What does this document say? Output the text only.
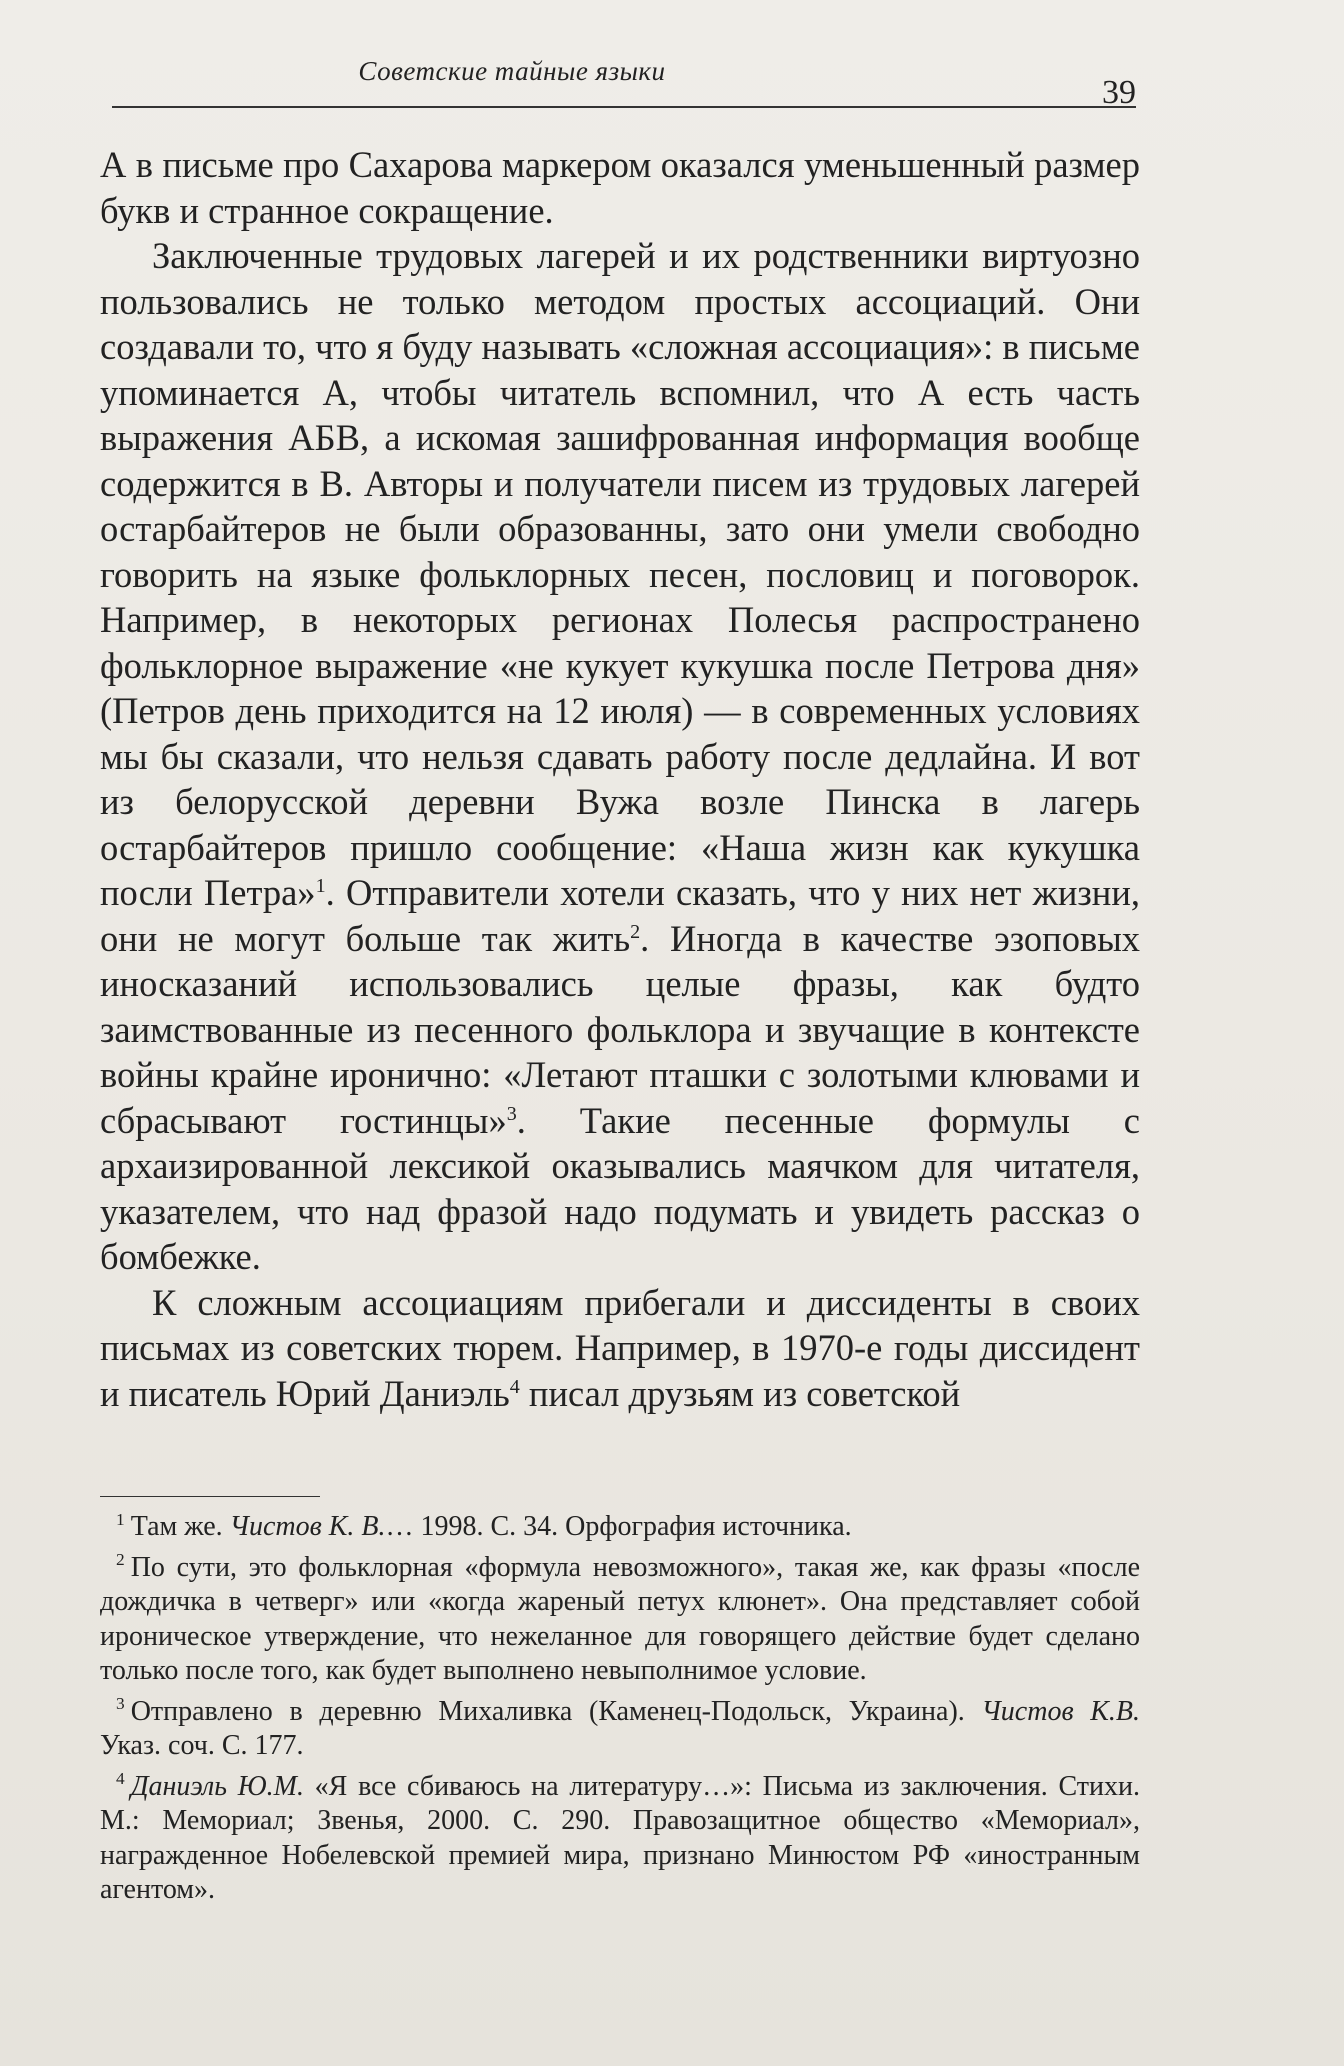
Советские тайные языки
39

А в письме про Сахарова маркером оказался уменьшенный размер букв и странное сокращение.

Заключенные трудовых лагерей и их родственники виртуозно пользовались не только методом простых ассоциаций. Они создавали то, что я буду называть «сложная ассоциация»: в письме упоминается А, чтобы читатель вспомнил, что А есть часть выражения АБВ, а искомая зашифрованная информация вообще содержится в В. Авторы и получатели писем из трудовых лагерей остарбайтеров не были образованны, зато они умели свободно говорить на языке фольклорных песен, пословиц и поговорок. Например, в некоторых регионах Полесья распространено фольклорное выражение «не кукует кукушка после Петрова дня» (Петров день приходится на 12 июля) — в современных условиях мы бы сказали, что нельзя сдавать работу после дедлайна. И вот из белорусской деревни Вужа возле Пинска в лагерь остарбайтеров пришло сообщение: «Наша жизн как кукушка посли Петра»$^1$. Отправители хотели сказать, что у них нет жизни, они не могут больше так жить$^2$. Иногда в качестве эзоповых иносказаний использовались целые фразы, как будто заимствованные из песенного фольклора и звучащие в контексте войны крайне иронично: «Летают пташки с золотыми клювами и сбрасывают гостинцы»$^3$. Такие песенные формулы с архаизированной лексикой оказывались маячком для читателя, указателем, что над фразой надо подумать и увидеть рассказ о бомбежке.

К сложным ассоциациям прибегали и диссиденты в своих письмах из советских тюрем. Например, в 1970-е годы диссидент и писатель Юрий Даниэль$^4$ писал друзьям из советской

$^1$ Там же. Чистов К. В.… 1998. С. 34. Орфография источника.

$^2$ По сути, это фольклорная «формула невозможного», такая же, как фразы «после дождичка в четверг» или «когда жареный петух клюнет». Она представляет собой ироническое утверждение, что нежеланное для говорящего действие будет сделано только после того, как будет выполнено невыполнимое условие.

$^3$ Отправлено в деревню Михаливка (Каменец-Подольск, Украина). Чистов К.В. Указ. соч. С. 177.

$^4$ Даниэль Ю.М. «Я все сбиваюсь на литературу…»: Письма из заключения. Стихи. М.: Мемориал; Звенья, 2000. С. 290. Правозащитное общество «Мемориал», награжденное Нобелевской премией мира, признано Минюстом РФ «иностранным агентом».
